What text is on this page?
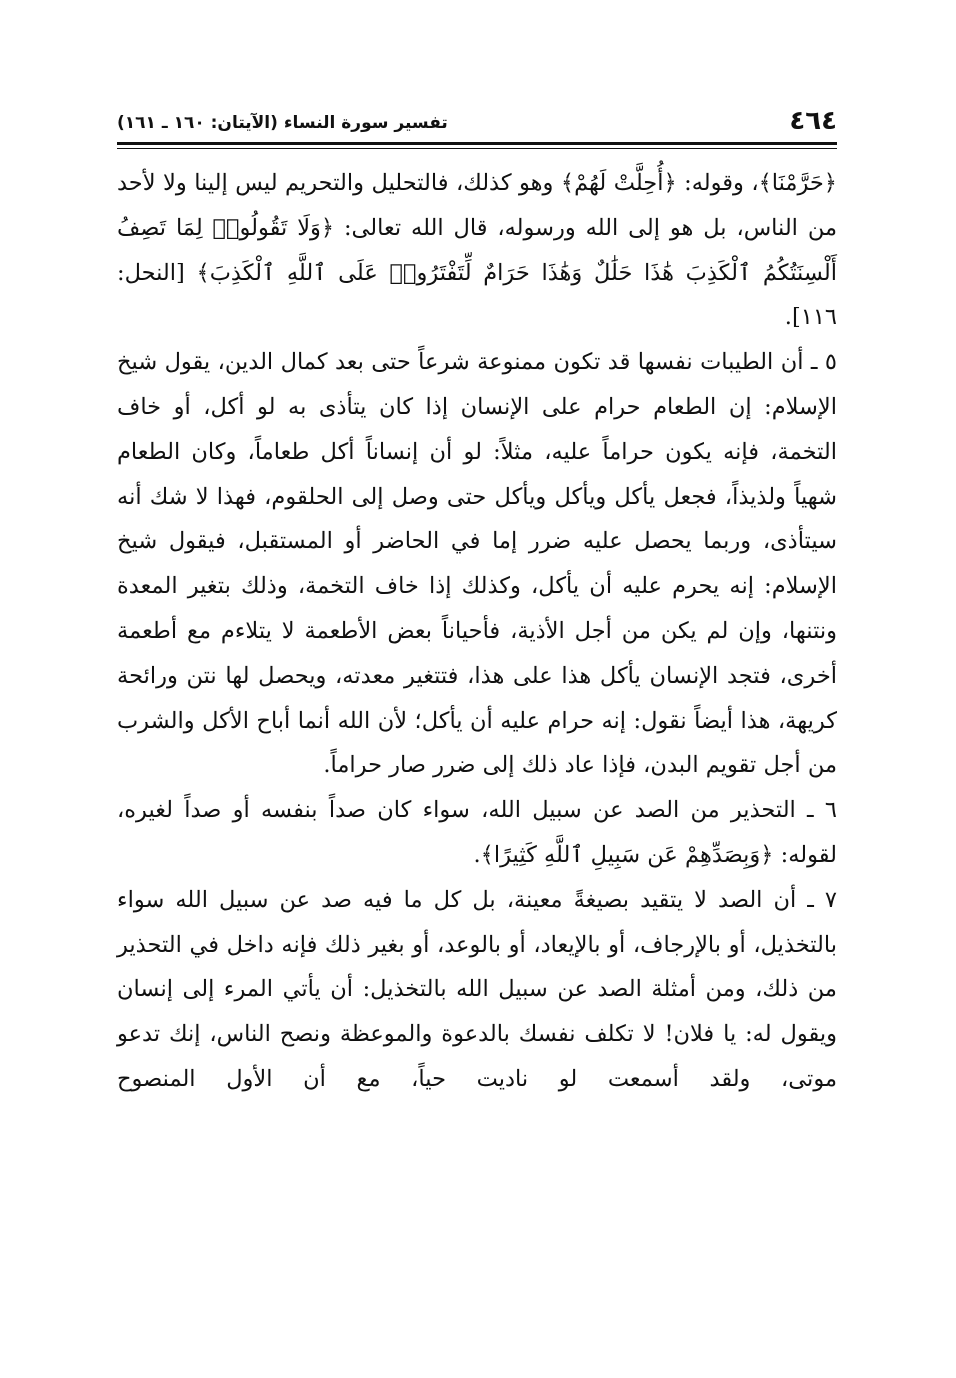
٤٦٤
تفسير سورة النساء (الآيتان: ١٦٠ ـ ١٦١)

﴿حَرَّمْنَا﴾، وقوله: ﴿أُحِلَّتْ لَهُمْ﴾ وهو كذلك، فالتحليل والتحريم ليس إلينا ولا لأحد من الناس، بل هو إلى الله ورسوله، قال الله تعالى: ﴿وَلَا تَقُولُوا۟ لِمَا تَصِفُ أَلْسِنَتُكُمُ ٱلْكَذِبَ هَٰذَا حَلَٰلٌ وَهَٰذَا حَرَامٌ لِّتَفْتَرُوا۟ عَلَى ٱللَّهِ ٱلْكَذِبَ﴾ [النحل: ١١٦].

٥ ـ أن الطيبات نفسها قد تكون ممنوعة شرعاً حتى بعد كمال الدين، يقول شيخ الإسلام: إن الطعام حرام على الإنسان إذا كان يتأذى به لو أكل، أو خاف التخمة، فإنه يكون حراماً عليه، مثلاً: لو أن إنساناً أكل طعاماً، وكان الطعام شهياً ولذيذاً، فجعل يأكل ويأكل ويأكل حتى وصل إلى الحلقوم، فهذا لا شك أنه سيتأذى، وربما يحصل عليه ضرر إما في الحاضر أو المستقبل، فيقول شيخ الإسلام: إنه يحرم عليه أن يأكل، وكذلك إذا خاف التخمة، وذلك بتغير المعدة ونتنها، وإن لم يكن من أجل الأذية، فأحياناً بعض الأطعمة لا يتلاءم مع أطعمة أخرى، فتجد الإنسان يأكل هذا على هذا، فتتغير معدته، ويحصل لها نتن ورائحة كريهة، هذا أيضاً نقول: إنه حرام عليه أن يأكل؛ لأن الله أنما أباح الأكل والشرب من أجل تقويم البدن، فإذا عاد ذلك إلى ضرر صار حراماً.

٦ ـ التحذير من الصد عن سبيل الله، سواء كان صداً بنفسه أو صداً لغيره، لقوله: ﴿وَبِصَدِّهِمْ عَن سَبِيلِ ٱللَّهِ كَثِيرًا﴾.

٧ ـ أن الصد لا يتقيد بصيغةً معينة، بل كل ما فيه صد عن سبيل الله سواء بالتخذيل، أو بالإرجاف، أو بالإيعاد، أو بالوعد، أو بغير ذلك فإنه داخل في التحذير من ذلك، ومن أمثلة الصد عن سبيل الله بالتخذيل: أن يأتي المرء إلى إنسان ويقول له: يا فلان! لا تكلف نفسك بالدعوة والموعظة ونصح الناس، إنك تدعو موتى، ولقد أسمعت لو ناديت حياً، مع أن الأول المنصوح
